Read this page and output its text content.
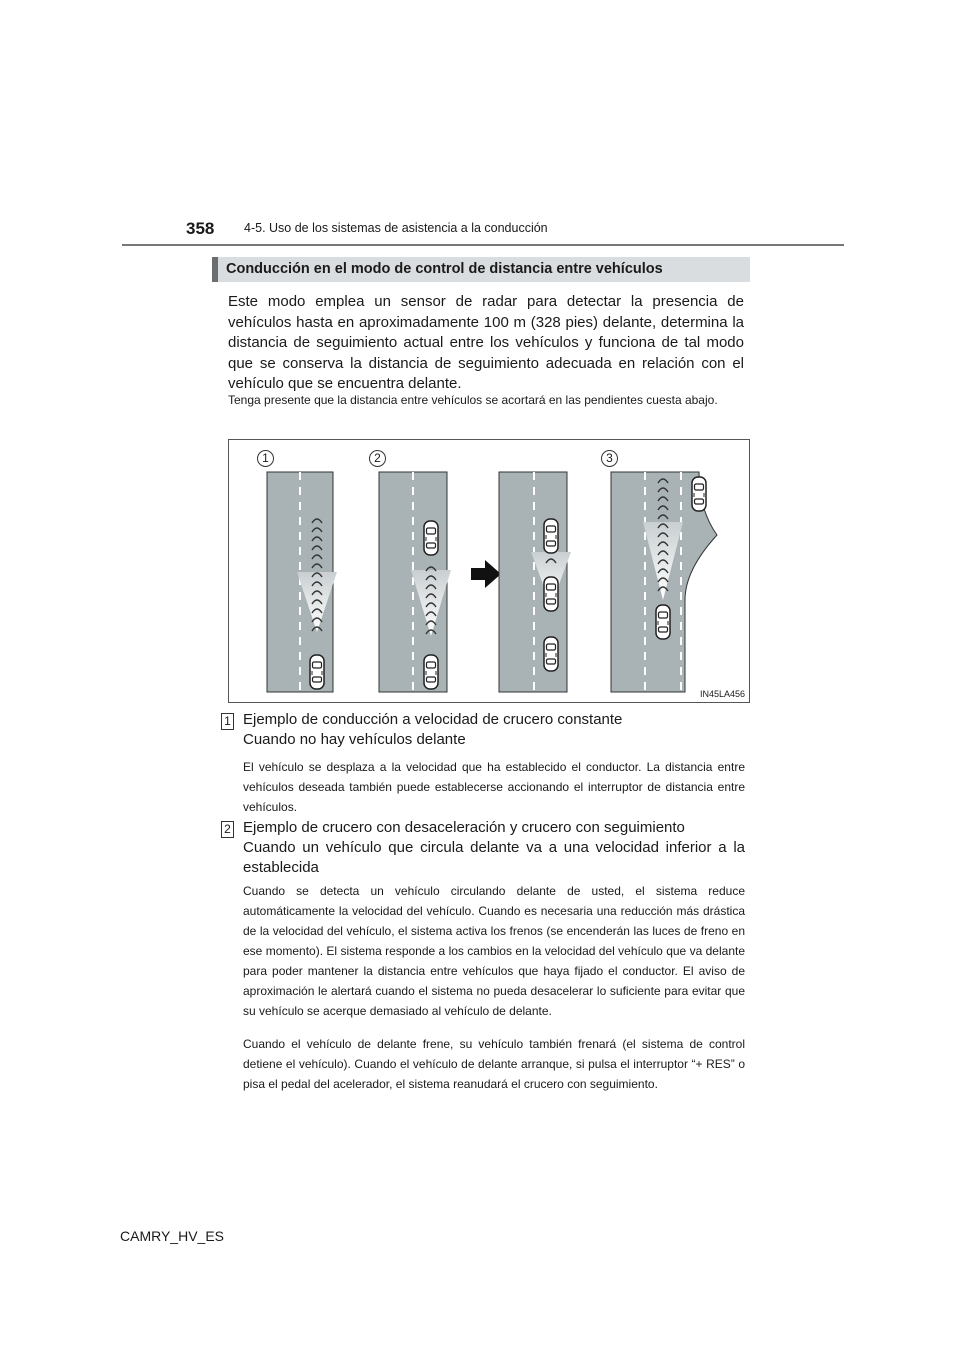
358 4-5. Uso de los sistemas de asistencia a la conducción
Conducción en el modo de control de distancia entre vehículos
Este modo emplea un sensor de radar para detectar la presencia de vehículos hasta en aproximadamente 100 m (328 pies) delante, determina la distancia de seguimiento actual entre los vehículos y funciona de tal modo que se conserva la distancia de seguimiento adecuada en relación con el vehículo que se encuentra delante.
Tenga presente que la distancia entre vehículos se acortará en las pendientes cuesta abajo.
1	2	3
IN45LA456
1 Ejemplo de conducción a velocidad de crucero constante
Cuando no hay vehículos delante
El vehículo se desplaza a la velocidad que ha establecido el conductor. La distancia entre vehículos deseada también puede establecerse accionando el interruptor de distancia entre vehículos.
2 Ejemplo de crucero con desaceleración y crucero con seguimiento
Cuando un vehículo que circula delante va a una velocidad inferior a la establecida
Cuando se detecta un vehículo circulando delante de usted, el sistema reduce automáticamente la velocidad del vehículo. Cuando es necesaria una reducción más drástica de la velocidad del vehículo, el sistema activa los frenos (se encenderán las luces de freno en ese momento). El sistema responde a los cambios en la velocidad del vehículo que va delante para poder mantener la distancia entre vehículos que haya fijado el conductor. El aviso de aproximación le alertará cuando el sistema no pueda desacelerar lo suficiente para evitar que su vehículo se acerque demasiado al vehículo de delante.
Cuando el vehículo de delante frene, su vehículo también frenará (el sistema de control detiene el vehículo). Cuando el vehículo de delante arranque, si pulsa el interruptor “+ RES” o pisa el pedal del acelerador, el sistema reanudará el crucero con seguimiento.
CAMRY_HV_ES
